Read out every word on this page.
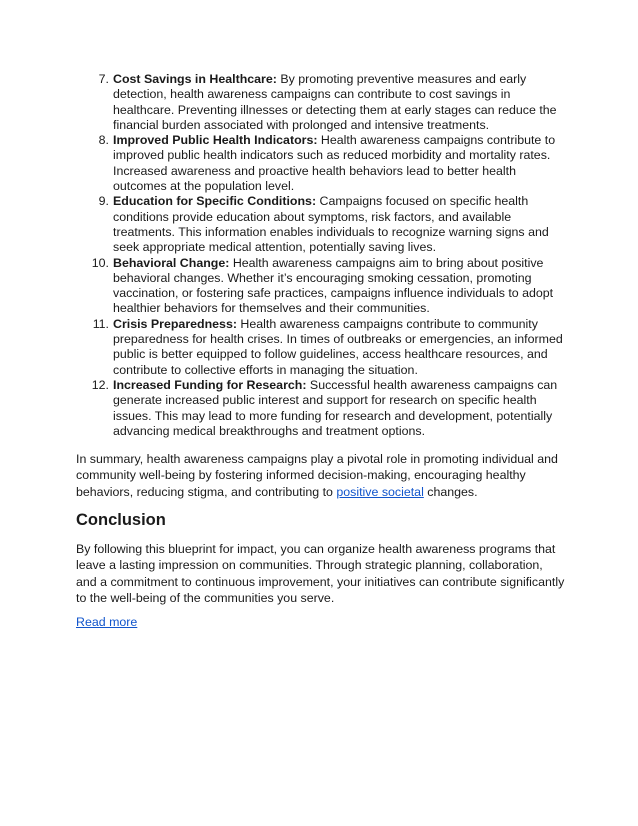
7. Cost Savings in Healthcare: By promoting preventive measures and early detection, health awareness campaigns can contribute to cost savings in healthcare. Preventing illnesses or detecting them at early stages can reduce the financial burden associated with prolonged and intensive treatments.
8. Improved Public Health Indicators: Health awareness campaigns contribute to improved public health indicators such as reduced morbidity and mortality rates. Increased awareness and proactive health behaviors lead to better health outcomes at the population level.
9. Education for Specific Conditions: Campaigns focused on specific health conditions provide education about symptoms, risk factors, and available treatments. This information enables individuals to recognize warning signs and seek appropriate medical attention, potentially saving lives.
10. Behavioral Change: Health awareness campaigns aim to bring about positive behavioral changes. Whether it’s encouraging smoking cessation, promoting vaccination, or fostering safe practices, campaigns influence individuals to adopt healthier behaviors for themselves and their communities.
11. Crisis Preparedness: Health awareness campaigns contribute to community preparedness for health crises. In times of outbreaks or emergencies, an informed public is better equipped to follow guidelines, access healthcare resources, and contribute to collective efforts in managing the situation.
12. Increased Funding for Research: Successful health awareness campaigns can generate increased public interest and support for research on specific health issues. This may lead to more funding for research and development, potentially advancing medical breakthroughs and treatment options.

In summary, health awareness campaigns play a pivotal role in promoting individual and community well-being by fostering informed decision-making, encouraging healthy behaviors, reducing stigma, and contributing to positive societal changes.

Conclusion

By following this blueprint for impact, you can organize health awareness programs that leave a lasting impression on communities. Through strategic planning, collaboration, and a commitment to continuous improvement, your initiatives can contribute significantly to the well-being of the communities you serve.

Read more
